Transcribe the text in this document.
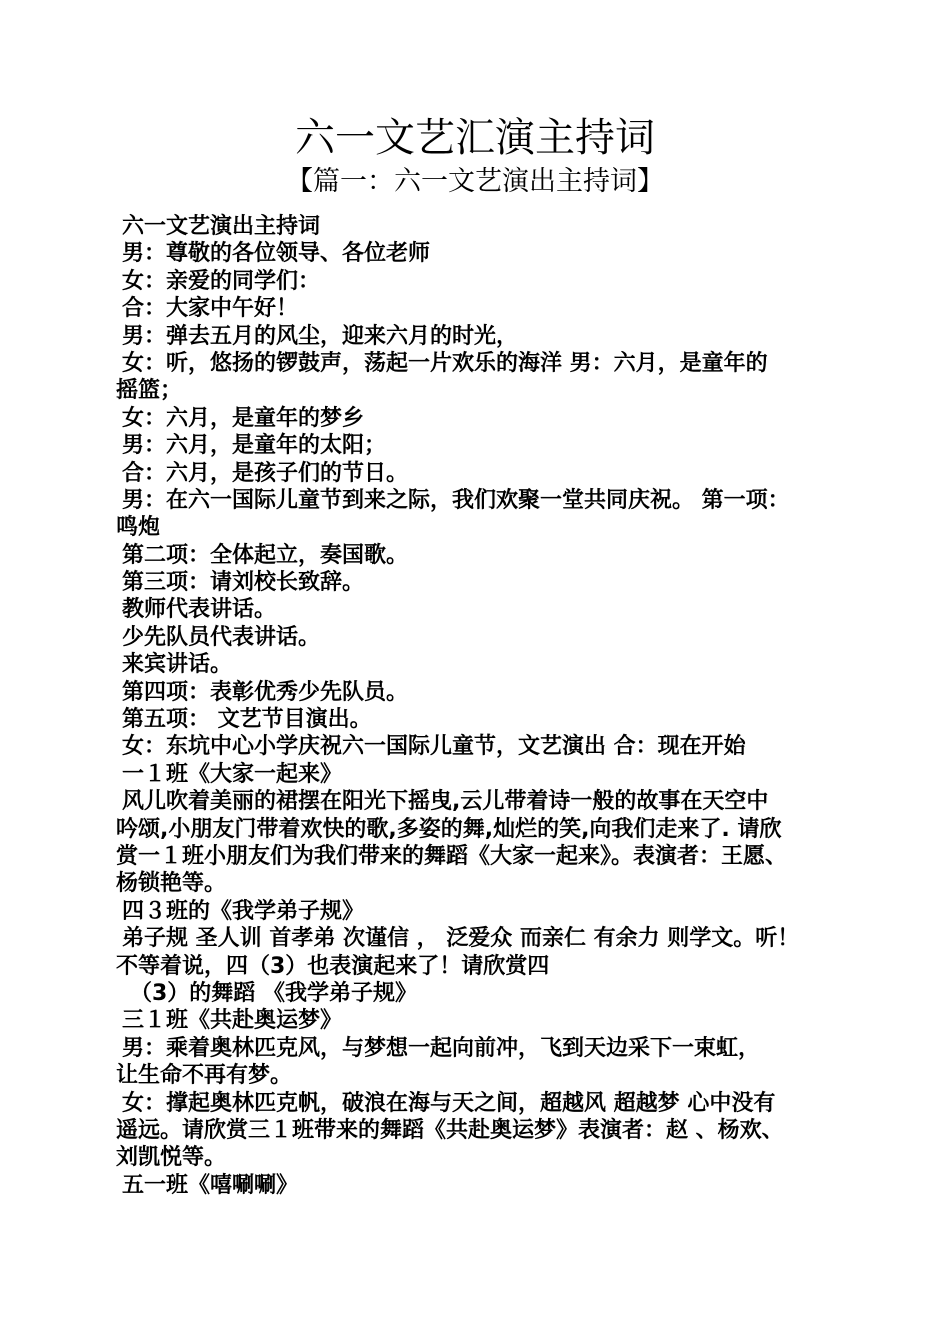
六一文艺汇演主持词
【篇一：六一文艺演出主持词】
六一文艺演出主持词
男：尊敬的各位领导、各位老师
女：亲爱的同学们：
合：大家中午好！
男：弹去五月的风尘，迎来六月的时光，
女：听，悠扬的锣鼓声，荡起一片欢乐的海洋 男：六月，是童年的
摇篮；
女：六月，是童年的梦乡
男：六月，是童年的太阳；
合：六月，是孩子们的节日。
男：在六一国际儿童节到来之际，我们欢聚一堂共同庆祝。 第一项：
鸣炮
第二项：全体起立，奏国歌。
第三项：请刘校长致辞。
教师代表讲话。
少先队员代表讲话。
来宾讲话。
第四项：表彰优秀少先队员。
第五项： 文艺节目演出。
女：东坑中心小学庆祝六一国际儿童节，文艺演出 合：现在开始
一１班《大家一起来》
风儿吹着美丽的裙摆在阳光下摇曳,云儿带着诗一般的故事在天空中
吟颂,小朋友门带着欢快的歌,多姿的舞,灿烂的笑,向我们走来了. 请欣
赏一１班小朋友们为我们带来的舞蹈《大家一起来》。表演者：王愿、
杨锁艳等。
四３班的《我学弟子规》
弟子规 圣人训 首孝弟 次谨信 ， 泛爱众 而亲仁 有余力 则学文。听！
不等着说，四（3）也表演起来了！请欣赏四
（3）的舞蹈 《我学弟子规》
三１班《共赴奥运梦》
男：乘着奥林匹克风，与梦想一起向前冲，飞到天边采下一束虹，
让生命不再有梦。
女：撑起奥林匹克帆，破浪在海与天之间，超越风 超越梦 心中没有
遥远。请欣赏三１班带来的舞蹈《共赴奥运梦》表演者：赵 、杨欢、
刘凯悦等。
五一班《嘻唰唰》
